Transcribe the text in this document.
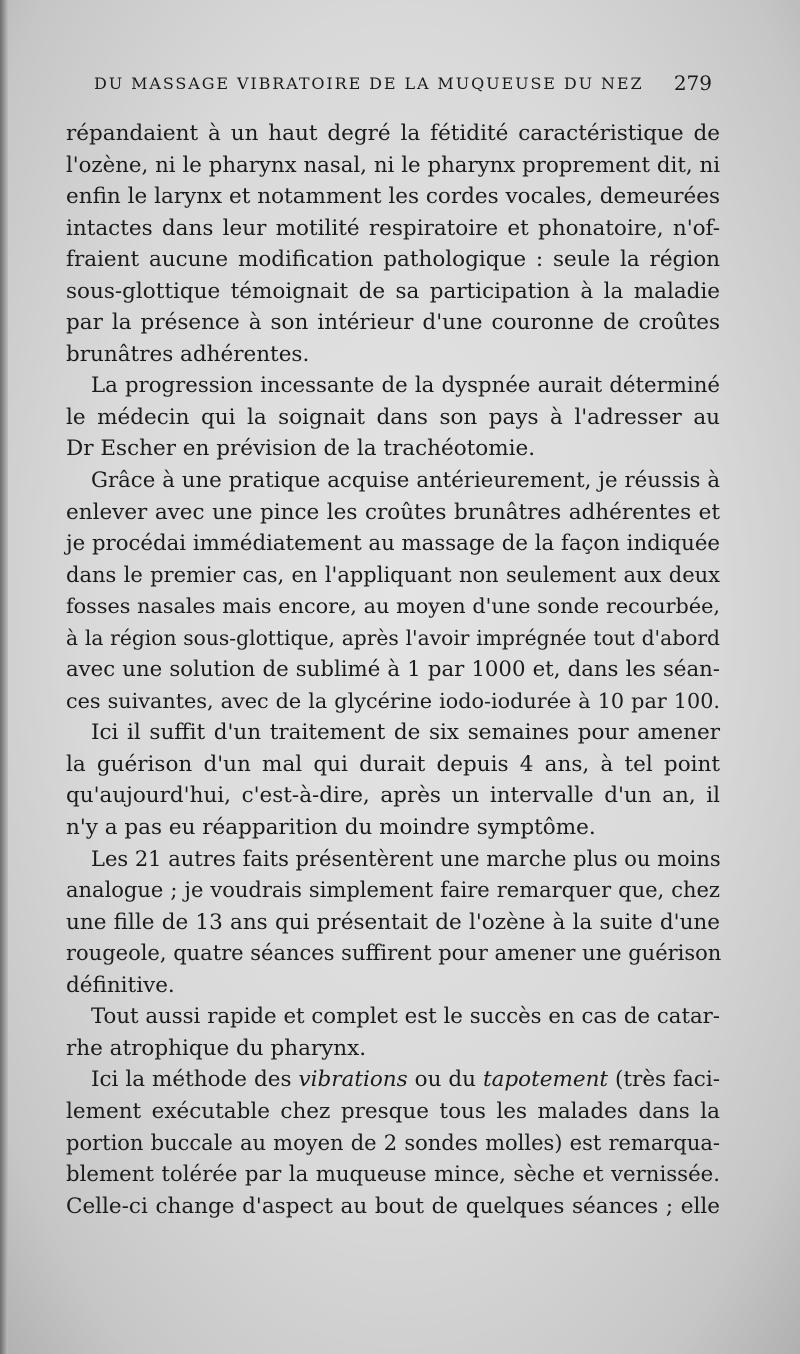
DU MASSAGE VIBRATOIRE DE LA MUQUEUSE DU NEZ 279
répandaient à un haut degré la fétidité caractéristique de
l'ozène, ni le pharynx nasal, ni le pharynx proprement dit, ni
enfin le larynx et notamment les cordes vocales, demeurées
intactes dans leur motilité respiratoire et phonatoire, n'of-
fraient aucune modification pathologique : seule la région
sous-glottique témoignait de sa participation à la maladie
par la présence à son intérieur d'une couronne de croûtes
brunâtres adhérentes.
La progression incessante de la dyspnée aurait déterminé
le médecin qui la soignait dans son pays à l'adresser au
Dr Escher en prévision de la trachéotomie.
Grâce à une pratique acquise antérieurement, je réussis à
enlever avec une pince les croûtes brunâtres adhérentes et
je procédai immédiatement au massage de la façon indiquée
dans le premier cas, en l'appliquant non seulement aux deux
fosses nasales mais encore, au moyen d'une sonde recourbée,
à la région sous-glottique, après l'avoir imprégnée tout d'abord
avec une solution de sublimé à 1 par 1000 et, dans les séan-
ces suivantes, avec de la glycérine iodo-iodurée à 10 par 100.
Ici il suffit d'un traitement de six semaines pour amener
la guérison d'un mal qui durait depuis 4 ans, à tel point
qu'aujourd'hui, c'est-à-dire, après un intervalle d'un an, il
n'y a pas eu réapparition du moindre symptôme.
Les 21 autres faits présentèrent une marche plus ou moins
analogue ; je voudrais simplement faire remarquer que, chez
une fille de 13 ans qui présentait de l'ozène à la suite d'une
rougeole, quatre séances suffirent pour amener une guérison
définitive.
Tout aussi rapide et complet est le succès en cas de catar-
rhe atrophique du pharynx.
Ici la méthode des vibrations ou du tapotement (très faci-
lement exécutable chez presque tous les malades dans la
portion buccale au moyen de 2 sondes molles) est remarqua-
blement tolérée par la muqueuse mince, sèche et vernissée.
Celle-ci change d'aspect au bout de quelques séances ; elle
